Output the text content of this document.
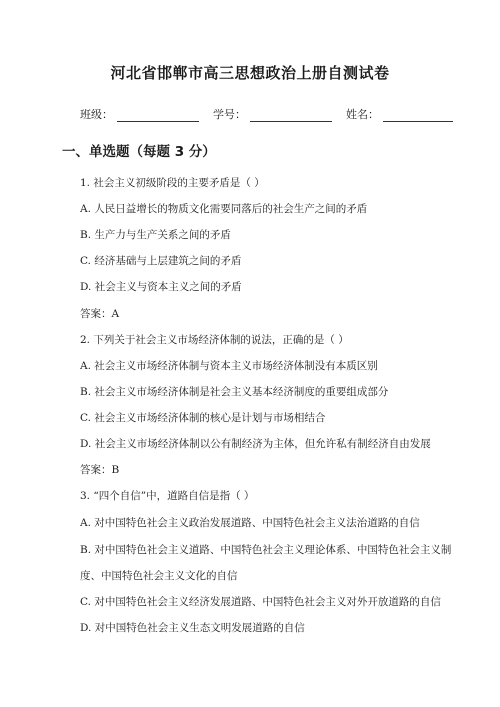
河北省邯郸市高三思想政治上册自测试卷
班级：	学号：	姓名：
一、单选题（每题 3 分）
1. 社会主义初级阶段的主要矛盾是（ ）
A. 人民日益增长的物质文化需要同落后的社会生产之间的矛盾
B. 生产力与生产关系之间的矛盾
C. 经济基础与上层建筑之间的矛盾
D. 社会主义与资本主义之间的矛盾
答案：A
2. 下列关于社会主义市场经济体制的说法，正确的是（ ）
A. 社会主义市场经济体制与资本主义市场经济体制没有本质区别
B. 社会主义市场经济体制是社会主义基本经济制度的重要组成部分
C. 社会主义市场经济体制的核心是计划与市场相结合
D. 社会主义市场经济体制以公有制经济为主体，但允许私有制经济自由发展
答案：B
3. “四个自信”中，道路自信是指（ ）
A. 对中国特色社会主义政治发展道路、中国特色社会主义法治道路的自信
B. 对中国特色社会主义道路、中国特色社会主义理论体系、中国特色社会主义制
度、中国特色社会主义文化的自信
C. 对中国特色社会主义经济发展道路、中国特色社会主义对外开放道路的自信
D. 对中国特色社会主义生态文明发展道路的自信
